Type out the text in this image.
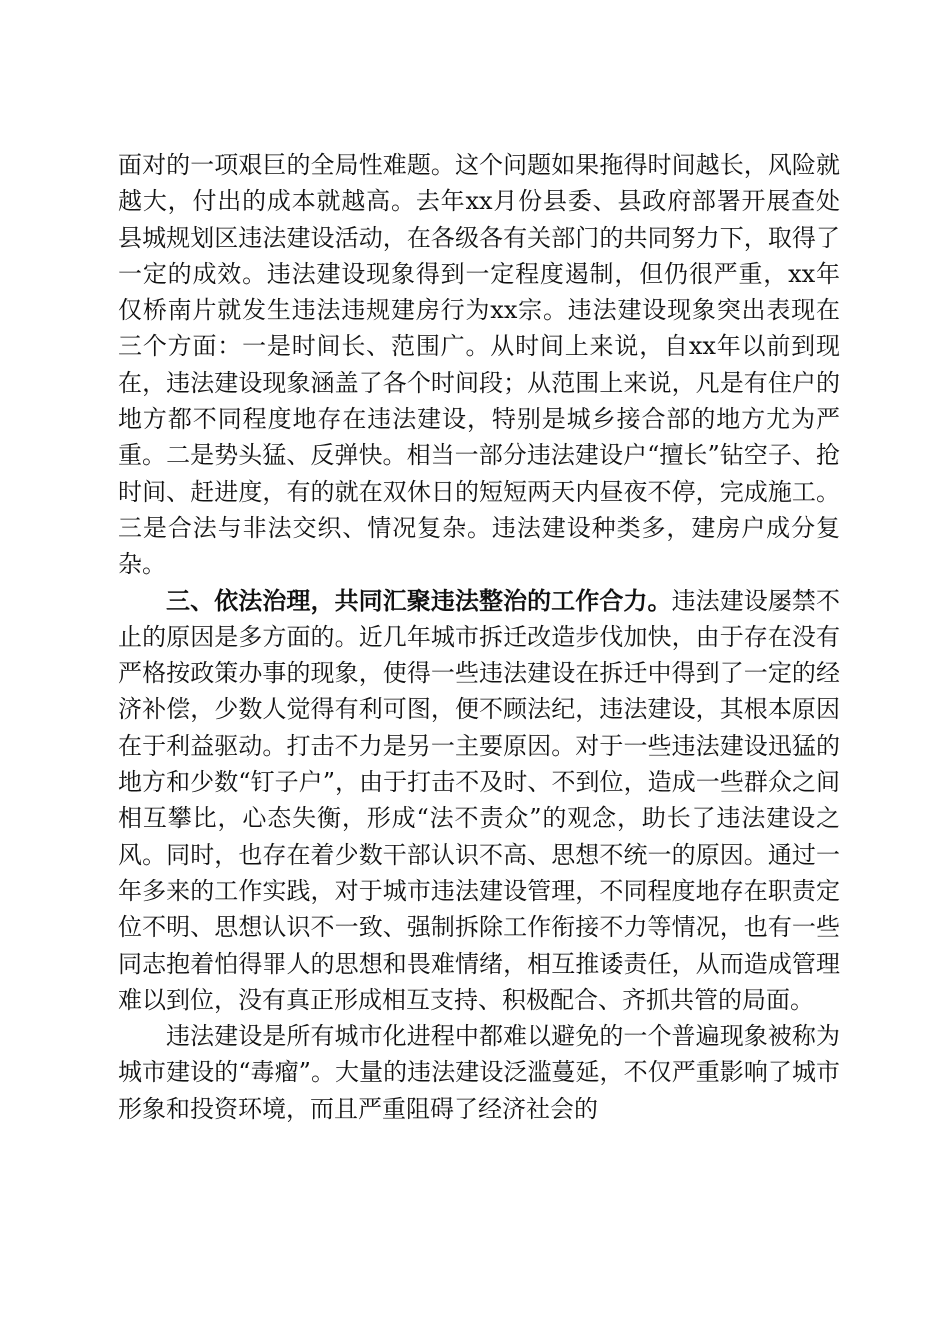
面对的一项艰巨的全局性难题。这个问题如果拖得时间越长，风险就越大，付出的成本就越高。去年xx月份县委、县政府部署开展查处县城规划区违法建设活动，在各级各有关部门的共同努力下，取得了一定的成效。违法建设现象得到一定程度遏制，但仍很严重，xx年仅桥南片就发生违法违规建房行为xx宗。违法建设现象突出表现在三个方面：一是时间长、范围广。从时间上来说，自xx年以前到现在，违法建设现象涵盖了各个时间段；从范围上来说，凡是有住户的地方都不同程度地存在违法建设，特别是城乡接合部的地方尤为严重。二是势头猛、反弹快。相当一部分违法建设户“擅长”钻空子、抢时间、赶进度，有的就在双休日的短短两天内昼夜不停，完成施工。三是合法与非法交织、情况复杂。违法建设种类多，建房户成分复杂。

三、依法治理，共同汇聚违法整治的工作合力。违法建设屡禁不止的原因是多方面的。近几年城市拆迁改造步伐加快，由于存在没有严格按政策办事的现象，使得一些违法建设在拆迁中得到了一定的经济补偿，少数人觉得有利可图，便不顾法纪，违法建设，其根本原因在于利益驱动。打击不力是另一主要原因。对于一些违法建设迅猛的地方和少数“钉子户”，由于打击不及时、不到位，造成一些群众之间相互攀比，心态失衡，形成“法不责众”的观念，助长了违法建设之风。同时，也存在着少数干部认识不高、思想不统一的原因。通过一年多来的工作实践，对于城市违法建设管理，不同程度地存在职责定位不明、思想认识不一致、强制拆除工作衔接不力等情况，也有一些同志抱着怕得罪人的思想和畏难情绪，相互推诿责任，从而造成管理难以到位，没有真正形成相互支持、积极配合、齐抓共管的局面。

违法建设是所有城市化进程中都难以避免的一个普遍现象被称为城市建设的“毒瘤”。大量的违法建设泛滥蔓延，不仅严重影响了城市形象和投资环境，而且严重阻碍了经济社会的
